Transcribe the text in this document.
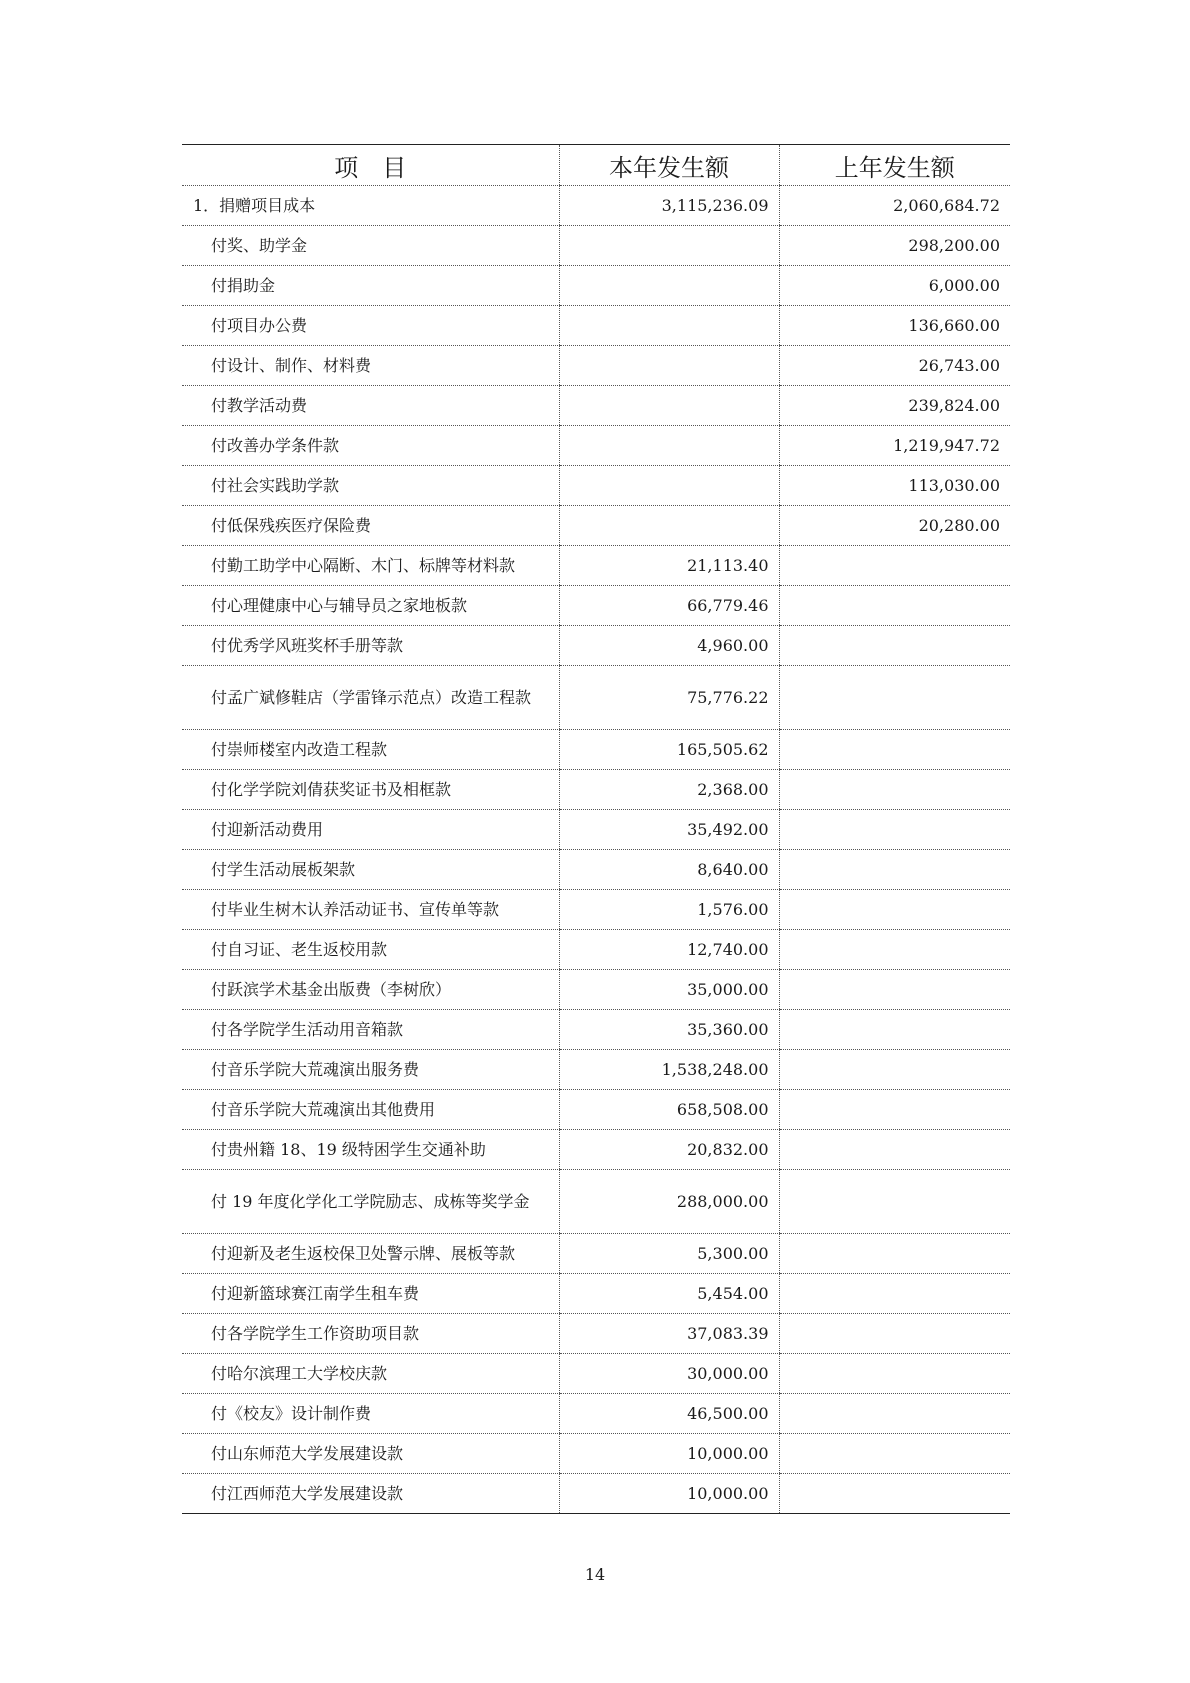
项　目	本年发生额	上年发生额
1．捐赠项目成本	3,115,236.09	2,060,684.72
付奖、助学金		298,200.00
付捐助金		6,000.00
付项目办公费		136,660.00
付设计、制作、材料费		26,743.00
付教学活动费		239,824.00
付改善办学条件款		1,219,947.72
付社会实践助学款		113,030.00
付低保残疾医疗保险费		20,280.00
付勤工助学中心隔断、木门、标牌等材料款	21,113.40	
付心理健康中心与辅导员之家地板款	66,779.46	
付优秀学风班奖杯手册等款	4,960.00	
付孟广斌修鞋店（学雷锋示范点）改造工程款	75,776.22	
付崇师楼室内改造工程款	165,505.62	
付化学学院刘倩获奖证书及相框款	2,368.00	
付迎新活动费用	35,492.00	
付学生活动展板架款	8,640.00	
付毕业生树木认养活动证书、宣传单等款	1,576.00	
付自习证、老生返校用款	12,740.00	
付跃滨学术基金出版费（李树欣）	35,000.00	
付各学院学生活动用音箱款	35,360.00	
付音乐学院大荒魂演出服务费	1,538,248.00	
付音乐学院大荒魂演出其他费用	658,508.00	
付贵州籍 18、19 级特困学生交通补助	20,832.00	
付 19 年度化学化工学院励志、成栋等奖学金	288,000.00	
付迎新及老生返校保卫处警示牌、展板等款	5,300.00	
付迎新篮球赛江南学生租车费	5,454.00	
付各学院学生工作资助项目款	37,083.39	
付哈尔滨理工大学校庆款	30,000.00	
付《校友》设计制作费	46,500.00	
付山东师范大学发展建设款	10,000.00	
付江西师范大学发展建设款	10,000.00	
14
